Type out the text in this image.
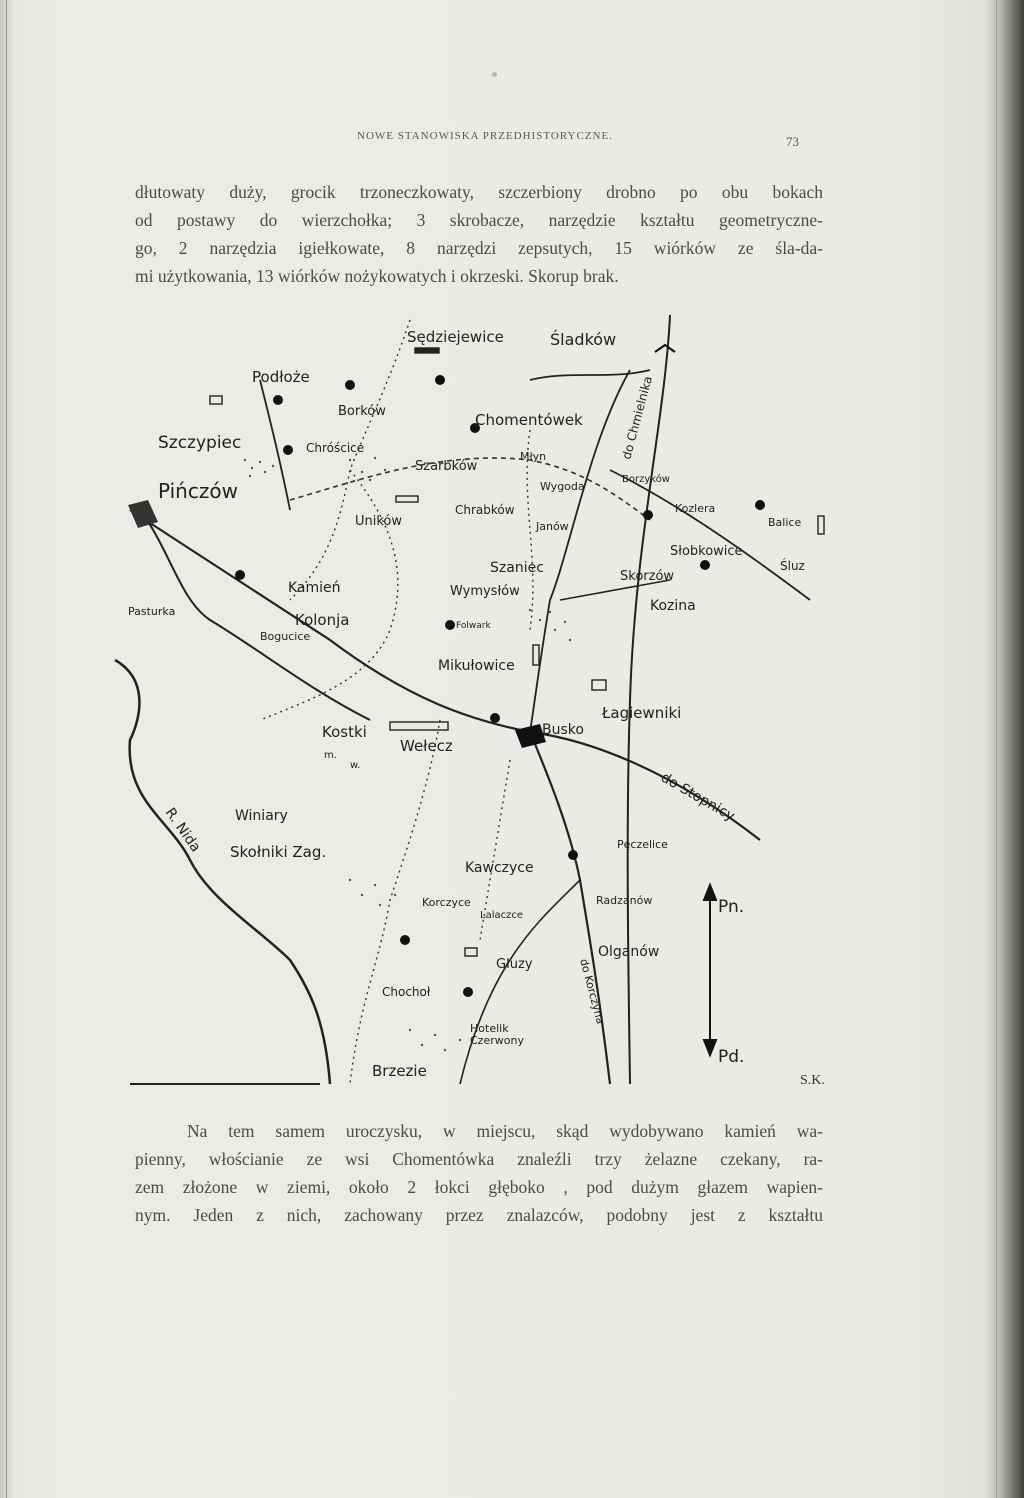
NOWE STANOWISKA PRZEDHISTORYCZNE.	73
dłutowaty duży, grocik trzoneczkowaty, szczerbiony drobno po obu bokach
od postawy do wierzchołka; 3 skrobacze, narzędzie kształtu geometryczne-
go, 2 narzędzia igiełkowate, 8 narzędzi zepsutych, 15 wiórków ze śla-da-
mi użytkowania, 13 wiórków nożykowatych i okrzeski. Skorup brak.
Sędziejewice	Śladków
Podłoże
Borków	Chomentówek
Szczypiec	Chróścice
Szarbków
Pińczów
Chrabków
Wygoda
Młyn
Borzyków
Kozlera
Balice
Janów
Uników
Szaniec
Słobkowice
Skorzów
Śluz
Kamień	Wymysłów
Kolonja
Bogucice
Folwark
Kozina
Pasturka
Mikułowice
Łagiewniki
Kostki
m.
w.
Wełecz
Busko
Winiary
Skołniki Zag.	Pęczelice
Kawczyce
Korczyce
Lalaczce
Radzanów
Olganów
Głuzy
Chochoł
Hotelik
Czerwony
Brzezie
R. Nida
do Chmielnika
do Stopnicy
do Korczyna
Pn.
Pd.
S.K.
Na tem samem uroczysku, w miejscu, skąd wydobywano kamień wa-
pienny, włościanie ze wsi Chomentówka znaleźli trzy żelazne czekany, ra-
zem złożone w ziemi, około 2 łokci głęboko , pod dużym głazem wapien-
nym. Jeden z nich, zachowany przez znalazców, podobny jest z kształtu
